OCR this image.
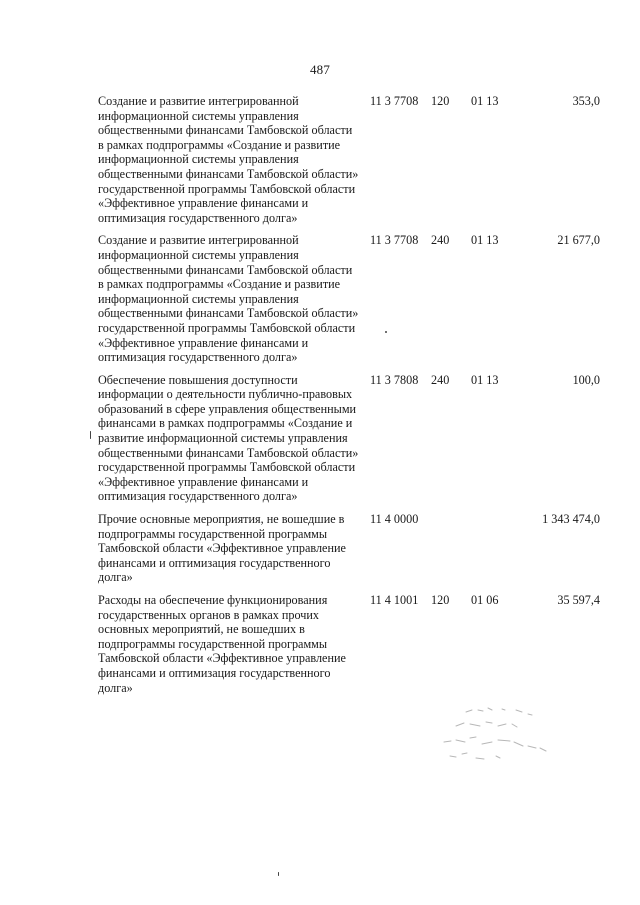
487
Создание и развитие интегрированной информационной системы управления общественными финансами Тамбовской области в рамках подпрограммы «Создание и развитие информационной системы управления общественными финансами Тамбовской области» государственной программы Тамбовской области «Эффективное управление финансами и оптимизация государственного долга»
11 3 7708 120 01 13	353,0
Создание и развитие интегрированной информационной системы управления общественными финансами Тамбовской области в рамках подпрограммы «Создание и развитие информационной системы управления общественными финансами Тамбовской области» государственной программы Тамбовской области «Эффективное управление финансами и оптимизация государственного долга»
11 3 7708 240 01 13	21 677,0
Обеспечение повышения доступности информации о деятельности публично-правовых образований в сфере управления общественными финансами в рамках подпрограммы «Создание и развитие информационной системы управления общественными финансами Тамбовской области» государственной программы Тамбовской области «Эффективное управление финансами и оптимизация государственного долга»
11 3 7808 240 01 13	100,0
Прочие основные мероприятия, не вошедшие в подпрограммы государственной программы Тамбовской области «Эффективное управление финансами и оптимизация государственного долга»
11 4 0000	1 343 474,0
Расходы на обеспечение функционирования государственных органов в рамках прочих основных мероприятий, не вошедших в подпрограммы государственной программы Тамбовской области «Эффективное управление финансами и оптимизация государственного долга»
11 4 1001 120 01 06	35 597,4
